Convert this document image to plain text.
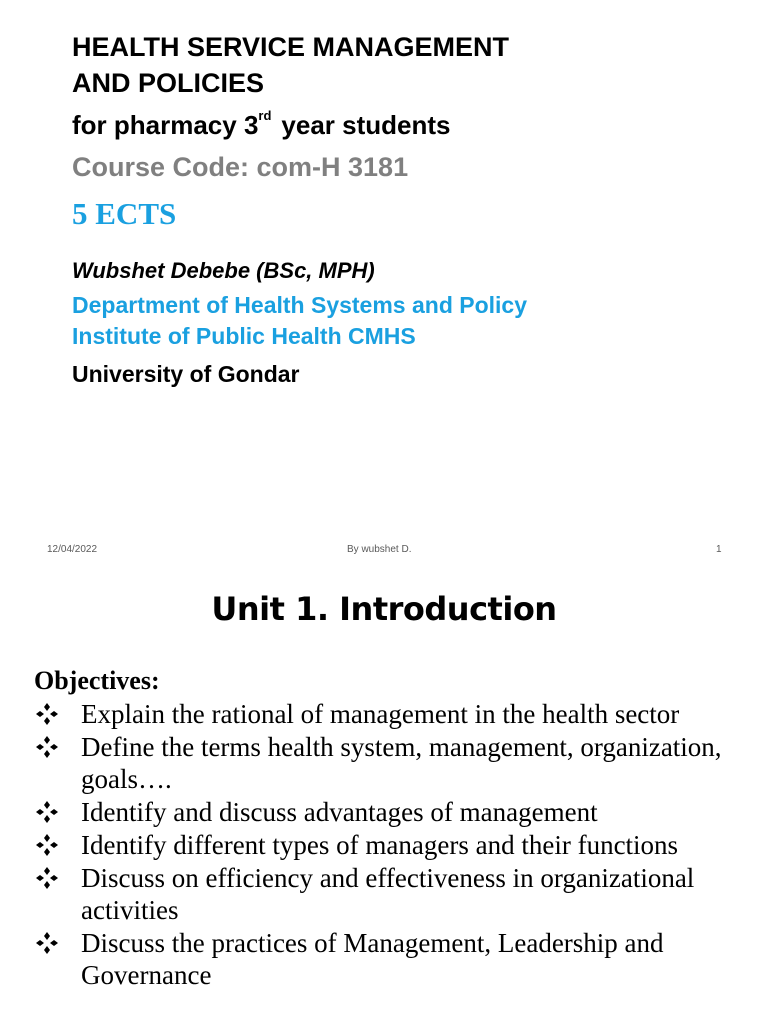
HEALTH SERVICE MANAGEMENT
AND POLICIES
for pharmacy 3rd year students
Course Code: com-H 3181
5 ECTS
Wubshet Debebe (BSc, MPH)
Department of Health Systems and Policy
Institute of Public Health CMHS
University of Gondar
12/04/2022	By wubshet D.	1
Unit 1. Introduction
Objectives:
Explain the rational of management in the health sector
Define the terms health system, management, organization, goals….
Identify and discuss advantages of management
Identify different types of managers and their functions
Discuss on efficiency and effectiveness in organizational activities
Discuss the practices of Management, Leadership and Governance
